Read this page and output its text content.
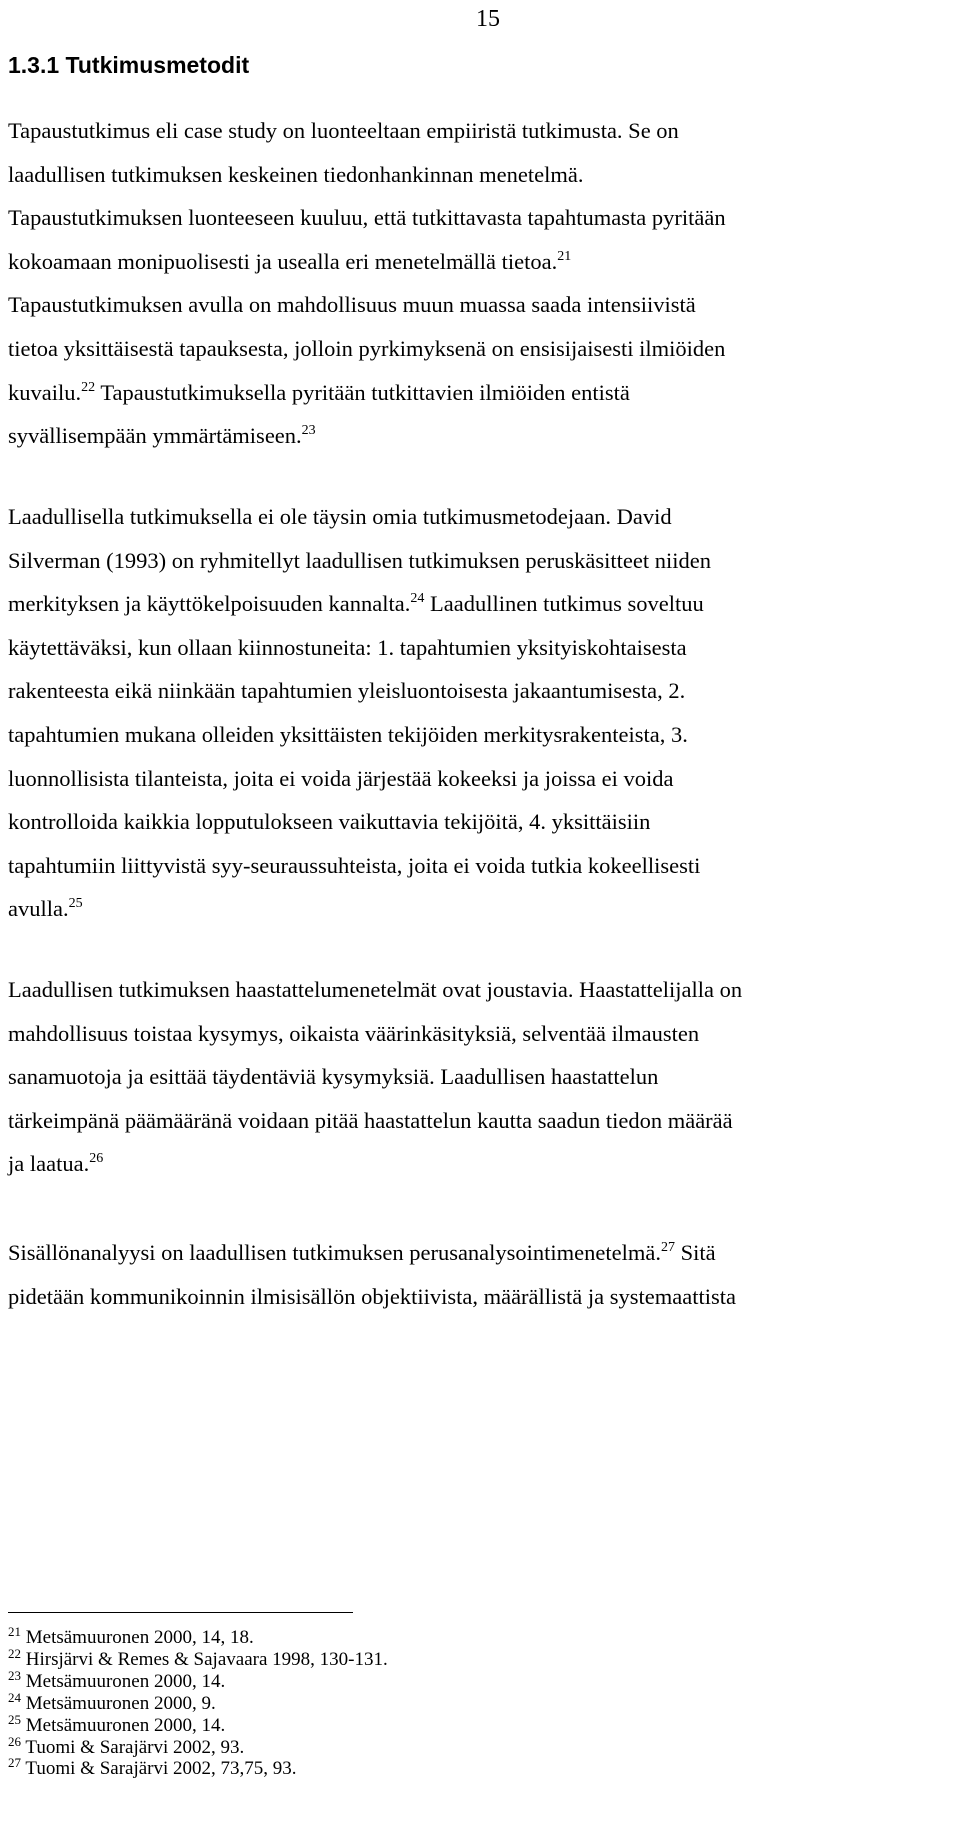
15
1.3.1 Tutkimusmetodit
Tapaustutkimus eli case study on luonteeltaan empiiristä tutkimusta. Se on
laadullisen tutkimuksen keskeinen tiedonhankinnan menetelmä.
Tapaustutkimuksen luonteeseen kuuluu, että tutkittavasta tapahtumasta pyritään
kokoamaan monipuolisesti ja usealla eri menetelmällä tietoa.$^{21}$
Tapaustutkimuksen avulla on mahdollisuus muun muassa saada intensiivistä
tietoa yksittäisestä tapauksesta, jolloin pyrkimyksenä on ensisijaisesti ilmiöiden
kuvailu.$^{22}$ Tapaustutkimuksella pyritään tutkittavien ilmiöiden entistä
syvällisempään ymmärtämiseen.$^{23}$
Laadullisella tutkimuksella ei ole täysin omia tutkimusmetodejaan. David
Silverman (1993) on ryhmitellyt laadullisen tutkimuksen peruskäsitteet niiden
merkityksen ja käyttökelpoisuuden kannalta.$^{24}$ Laadullinen tutkimus soveltuu
käytettäväksi, kun ollaan kiinnostuneita: 1. tapahtumien yksityiskohtaisesta
rakenteesta eikä niinkään tapahtumien yleisluontoisesta jakaantumisesta, 2.
tapahtumien mukana olleiden yksittäisten tekijöiden merkitysrakenteista, 3.
luonnollisista tilanteista, joita ei voida järjestää kokeeksi ja joissa ei voida
kontrolloida kaikkia lopputulokseen vaikuttavia tekijöitä, 4. yksittäisiin
tapahtumiin liittyvistä syy-seuraussuhteista, joita ei voida tutkia kokeellisesti
avulla.$^{25}$
Laadullisen tutkimuksen haastattelumenetelmät ovat joustavia. Haastattelijalla on
mahdollisuus toistaa kysymys, oikaista väärinkäsityksiä, selventää ilmausten
sanamuotoja ja esittää täydentäviä kysymyksiä. Laadullisen haastattelun
tärkeimpänä päämääränä voidaan pitää haastattelun kautta saadun tiedon määrää
ja laatua.$^{26}$
Sisällönanalyysi on laadullisen tutkimuksen perusanalysointimenetelmä.$^{27}$ Sitä
pidetään kommunikoinnin ilmisisällön objektiivista, määrällistä ja systemaattista
$^{21}$ Metsämuuronen 2000, 14, 18.
$^{22}$ Hirsjärvi & Remes & Sajavaara 1998, 130-131.
$^{23}$ Metsämuuronen 2000, 14.
$^{24}$ Metsämuuronen 2000, 9.
$^{25}$ Metsämuuronen 2000, 14.
$^{26}$ Tuomi & Sarajärvi 2002, 93.
$^{27}$ Tuomi & Sarajärvi 2002, 73,75, 93.
